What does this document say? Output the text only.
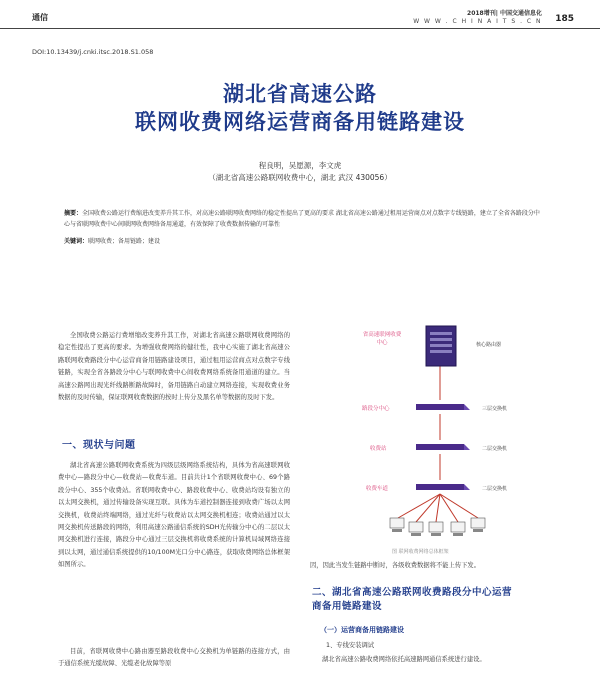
通信	2018增刊| 中国交通信息化
W W W . C H I N A I T S . C N 185
DOI:10.13439/j.cnki.itsc.2018.S1.058
湖北省高速公路
联网收费网络运营商备用链路建设
程良明，吴愿源，李文虎
（湖北省高速公路联网收费中心，湖北 武汉 430056）
摘要：全国收费公路运行费缩进改变养升其工作，对高速公路联网收费网络的稳定性提出了更高的要求 湖北省高速公路通过租用运营商点对点数字专线链路，建立了全省各路段分中心与省联网收费中心间联网收费网络备用通道，有效保障了收费数据传输的可靠性
关键词：联网收费；备用链路；建设
全国收费公路运行费增缩改变养升其工作，对湖北省高速公路联网收费网络的稳定性提出了更高的要求。为增强收费网络的健壮性，我中心实施了湖北省高速公路联网收费路段分中心运营商备用链路建设项目，通过租用运营商点对点数字专线链路，实现全省各路段分中心与联网收费中心间收费网络系统备用通道的建立。当高速公路网出现光纤线路断路故障时，备用链路自动建立网络连接，实现收费业务数据的及时传输，保证联网收费数据的按时上传分及黑名单等数据的及时下发。
一、现状与问题
湖北省高速公路联网收费系统为四级层级网络系统结构，具体为省高速联网收费中心—路段分中心—收费站—收费车道。目前共计1个省联网收费中心、69个路段分中心、355个收费站。省联网收费中心、路段收费中心、收费站均设有独立的以太网交换机，通过传输设备实现互联。具体为车道控制器连接到收费广场以太网交换机，收费站终端网络，通过光纤与收费站以太网交换机相连；收费站通过以太网交换机传送路段的网络，利用高速公路通信系统的SDH光传输分中心的二层以太网交换机进行连接，路段分中心通过三层交换机将收费系统的计算机局域网络连接到以太网，通过通信系统提供的10/100M光口分中心路连，获取收费网络总体框架如图所示。
目前，省联网收费中心路由器至路段收费中心交换机为单链路的连接方式，由于通信系统光缆故障、光缆老化故障等原
省高速联网收费
中心	核心路由器
路段分中心	三层交换机
收费站	二层交换机
收费车道	二层交换机
图 联网收费网络总体框架
因，因此当发生链路中断时，各级收费数据将不能上传下发。
二、湖北省高速公路联网收费路段分中心运营
商备用链路建设
（一）运营商备用链路建设
1、专线安装调试
湖北省高速公路收费网络依托高速路网通信系统进行建设。
